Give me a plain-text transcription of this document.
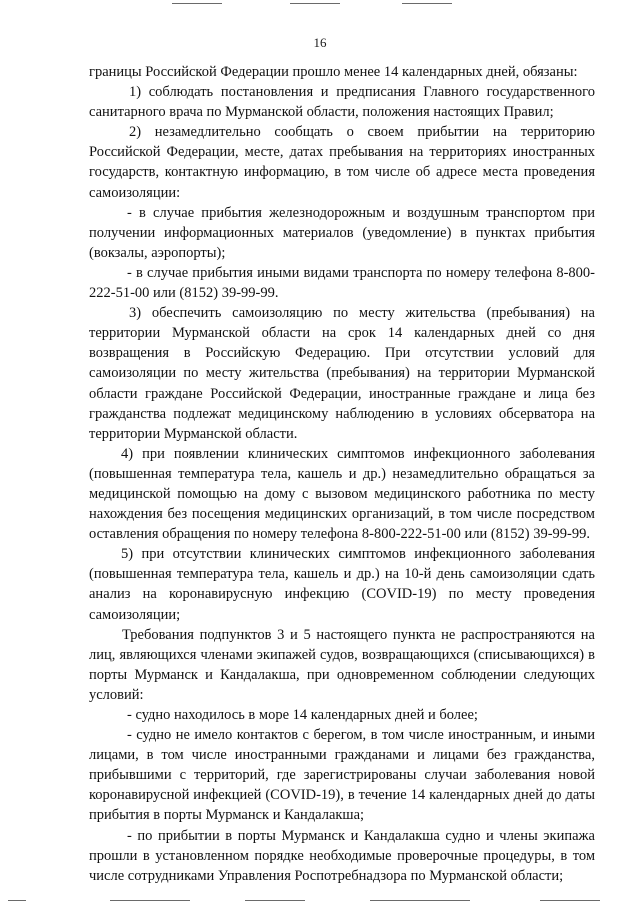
16

границы Российской Федерации прошло менее 14 календарных дней, обязаны:

1) соблюдать постановления и предписания Главного государственного санитарного врача по Мурманской области, положения настоящих Правил;

2) незамедлительно сообщать о своем прибытии на территорию Российской Федерации, месте, датах пребывания на территориях иностранных государств, контактную информацию, в том числе об адресе места проведения самоизоляции:

- в случае прибытия железнодорожным и воздушным транспортом при получении информационных материалов (уведомление) в пунктах прибытия (вокзалы, аэропорты);

- в случае прибытия иными видами транспорта по номеру телефона 8-800-222-51-00 или (8152) 39-99-99.

3) обеспечить самоизоляцию по месту жительства (пребывания) на территории Мурманской области на срок 14 календарных дней со дня возвращения в Российскую Федерацию. При отсутствии условий для самоизоляции по месту жительства (пребывания) на территории Мурманской области граждане Российской Федерации, иностранные граждане и лица без гражданства подлежат медицинскому наблюдению в условиях обсерватора на территории Мурманской области.

4) при появлении клинических симптомов инфекционного заболевания (повышенная температура тела, кашель и др.) незамедлительно обращаться за медицинской помощью на дому с вызовом медицинского работника по месту нахождения без посещения медицинских организаций, в том числе посредством оставления обращения по номеру телефона 8-800-222-51-00 или (8152) 39-99-99.

5) при отсутствии клинических симптомов инфекционного заболевания (повышенная температура тела, кашель и др.) на 10-й день самоизоляции сдать анализ на коронавирусную инфекцию (COVID-19) по месту проведения самоизоляции;

Требования подпунктов 3 и 5 настоящего пункта не распространяются на лиц, являющихся членами экипажей судов, возвращающихся (списывающихся) в порты Мурманск и Кандалакша, при одновременном соблюдении следующих условий:

- судно находилось в море 14 календарных дней и более;

- судно не имело контактов с берегом, в том числе иностранным, и иными лицами, в том числе иностранными гражданами и лицами без гражданства, прибывшими с территорий, где зарегистрированы случаи заболевания новой коронавирусной инфекцией (COVID-19), в течение 14 календарных дней до даты прибытия в порты Мурманск и Кандалакша;

- по прибытии в порты Мурманск и Кандалакша судно и члены экипажа прошли в установленном порядке необходимые проверочные процедуры, в том числе сотрудниками Управления Роспотребнадзора по Мурманской области;
